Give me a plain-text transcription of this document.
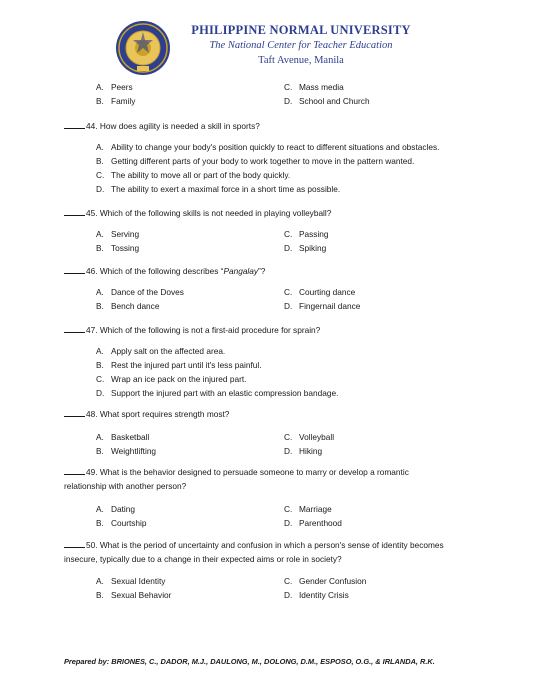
PHILIPPINE NORMAL UNIVERSITY
The National Center for Teacher Education
Taft Avenue, Manila
A. Peers	C. Mass media
B. Family	D. School and Church
44. How does agility is needed a skill in sports?
A. Ability to change your body's position quickly to react to different situations and obstacles.
B. Getting different parts of your body to work together to move in the pattern wanted.
C. The ability to move all or part of the body quickly.
D. The ability to exert a maximal force in a short time as possible.
45. Which of the following skills is not needed in playing volleyball?
A. Serving	C. Passing
B. Tossing	D. Spiking
46. Which of the following describes “Pangalay”?
A. Dance of the Doves	C. Courting dance
B. Bench dance	D. Fingernail dance
47. Which of the following is not a first-aid procedure for sprain?
A. Apply salt on the affected area.
B. Rest the injured part until it's less painful.
C. Wrap an ice pack on the injured part.
D. Support the injured part with an elastic compression bandage.
48. What sport requires strength most?
A. Basketball	C. Volleyball
B. Weightlifting	D. Hiking
49. What is the behavior designed to persuade someone to marry or develop a romantic
relationship with another person?
A. Dating	C. Marriage
B. Courtship	D. Parenthood
50. What is the period of uncertainty and confusion in which a person's sense of identity becomes
insecure, typically due to a change in their expected aims or role in society?
A. Sexual Identity	C. Gender Confusion
B. Sexual Behavior	D. Identity Crisis
Prepared by: BRIONES, C., DADOR, M.J., DAULONG, M., DOLONG, D.M., ESPOSO, O.G., & IRLANDA, R.K.
